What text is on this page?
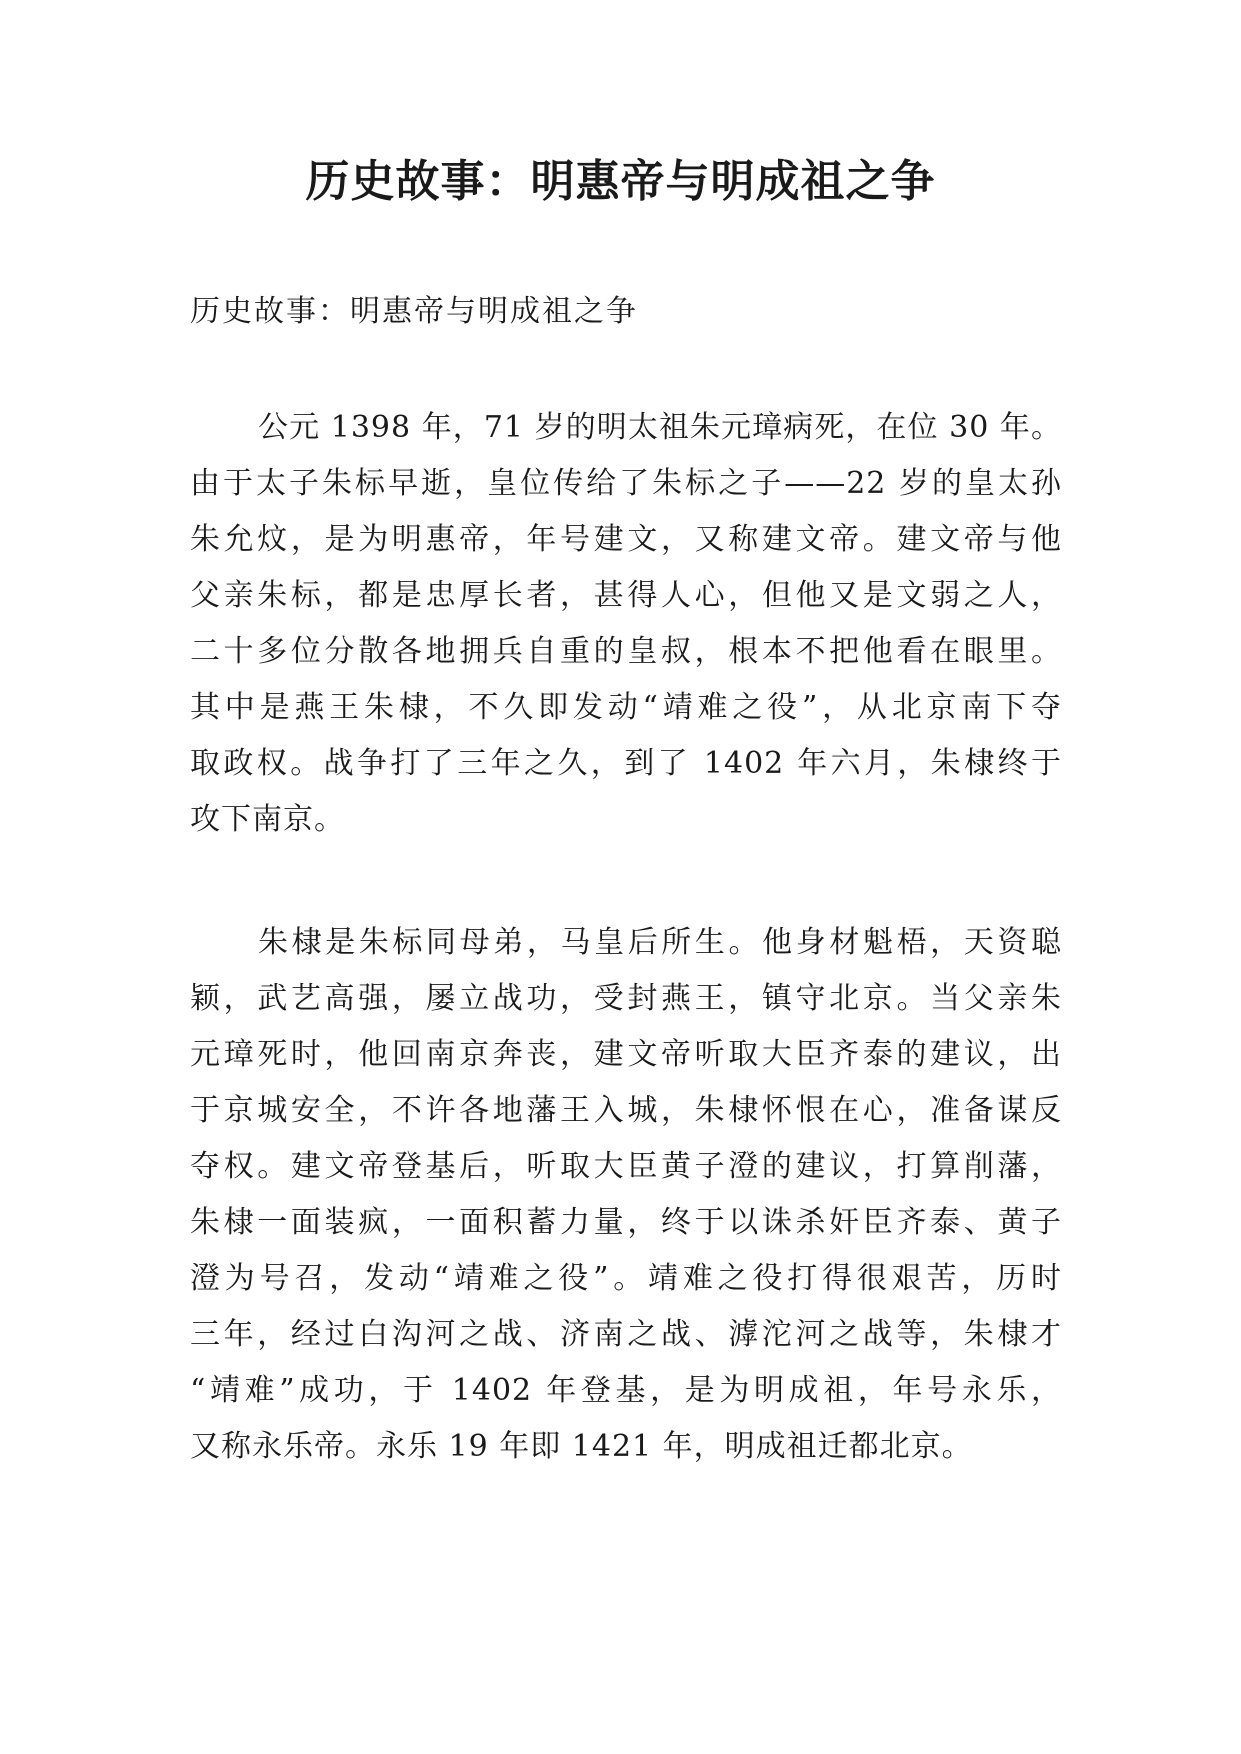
历史故事：明惠帝与明成祖之争

历史故事：明惠帝与明成祖之争

公元 1398 年，71 岁的明太祖朱元璋病死，在位 30 年。
由于太子朱标早逝，皇位传给了朱标之子——22 岁的皇太孙
朱允炆，是为明惠帝，年号建文，又称建文帝。建文帝与他
父亲朱标，都是忠厚长者，甚得人心，但他又是文弱之人，
二十多位分散各地拥兵自重的皇叔，根本不把他看在眼里。
其中是燕王朱棣，不久即发动“靖难之役”，从北京南下夺
取政权。战争打了三年之久，到了 1402 年六月，朱棣终于
攻下南京。
朱棣是朱标同母弟，马皇后所生。他身材魁梧，天资聪
颖，武艺高强，屡立战功，受封燕王，镇守北京。当父亲朱
元璋死时，他回南京奔丧，建文帝听取大臣齐泰的建议，出
于京城安全，不许各地藩王入城，朱棣怀恨在心，准备谋反
夺权。建文帝登基后，听取大臣黄子澄的建议，打算削藩，
朱棣一面装疯，一面积蓄力量，终于以诛杀奸臣齐泰、黄子
澄为号召，发动“靖难之役”。靖难之役打得很艰苦，历时
三年，经过白沟河之战、济南之战、滹沱河之战等，朱棣才
“靖难”成功，于 1402 年登基，是为明成祖，年号永乐，
又称永乐帝。永乐 19 年即 1421 年，明成祖迁都北京。
